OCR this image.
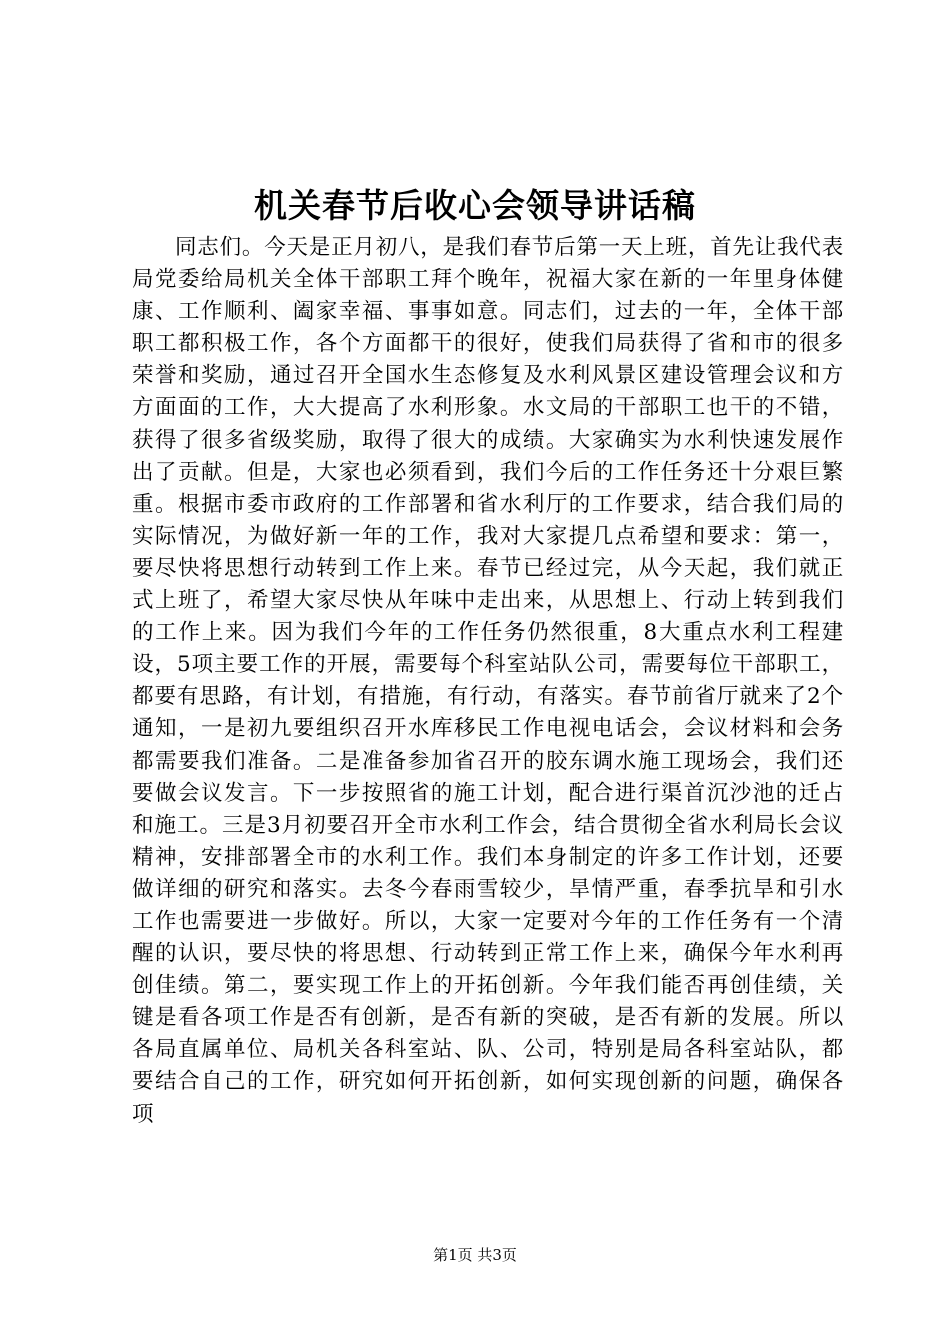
机关春节后收心会领导讲话稿

同志们。今天是正月初八，是我们春节后第一天上班，首先让我代表局党委给局机关全体干部职工拜个晚年，祝福大家在新的一年里身体健康、工作顺利、阖家幸福、事事如意。同志们，过去的一年，全体干部职工都积极工作，各个方面都干的很好，使我们局获得了省和市的很多荣誉和奖励，通过召开全国水生态修复及水利风景区建设管理会议和方方面面的工作，大大提高了水利形象。水文局的干部职工也干的不错，获得了很多省级奖励，取得了很大的成绩。大家确实为水利快速发展作出了贡献。但是，大家也必须看到，我们今后的工作任务还十分艰巨繁重。根据市委市政府的工作部署和省水利厅的工作要求，结合我们局的实际情况，为做好新一年的工作，我对大家提几点希望和要求：第一，要尽快将思想行动转到工作上来。春节已经过完，从今天起，我们就正式上班了，希望大家尽快从年味中走出来，从思想上、行动上转到我们的工作上来。因为我们今年的工作任务仍然很重，8大重点水利工程建设，5项主要工作的开展，需要每个科室站队公司，需要每位干部职工，都要有思路，有计划，有措施，有行动，有落实。春节前省厅就来了2个通知，一是初九要组织召开水库移民工作电视电话会，会议材料和会务都需要我们准备。二是准备参加省召开的胶东调水施工现场会，我们还要做会议发言。下一步按照省的施工计划，配合进行渠首沉沙池的迁占和施工。三是3月初要召开全市水利工作会，结合贯彻全省水利局长会议精神，安排部署全市的水利工作。我们本身制定的许多工作计划，还要做详细的研究和落实。去冬今春雨雪较少，旱情严重，春季抗旱和引水工作也需要进一步做好。所以，大家一定要对今年的工作任务有一个清醒的认识，要尽快的将思想、行动转到正常工作上来，确保今年水利再创佳绩。第二，要实现工作上的开拓创新。今年我们能否再创佳绩，关键是看各项工作是否有创新，是否有新的突破，是否有新的发展。所以各局直属单位、局机关各科室站、队、公司，特别是局各科室站队，都要结合自己的工作，研究如何开拓创新，如何实现创新的问题，确保各项

第1页 共3页
